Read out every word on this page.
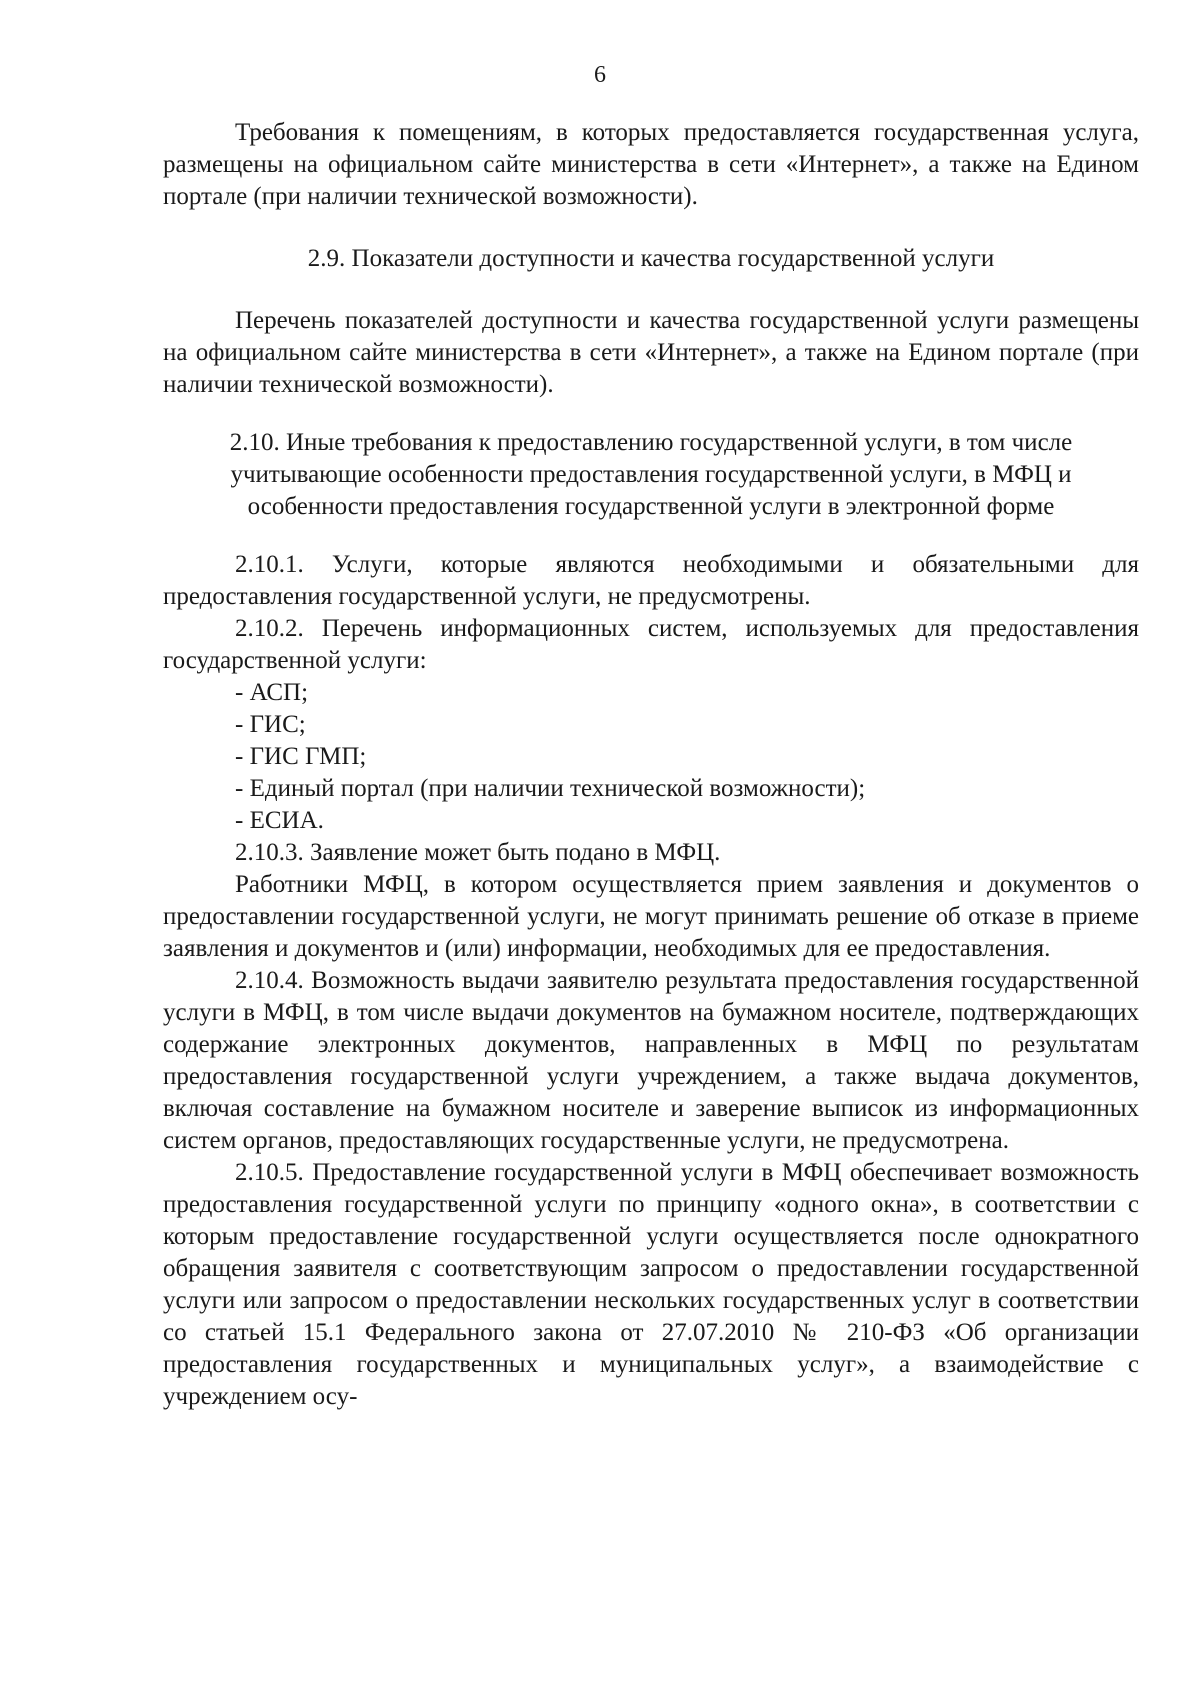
6

Требования к помещениям, в которых предоставляется государственная услуга, размещены на официальном сайте министерства в сети «Интернет», а также на Едином портале (при наличии технической возможности).

2.9. Показатели доступности и качества государственной услуги

Перечень показателей доступности и качества государственной услуги размещены на официальном сайте министерства в сети «Интернет», а также на Едином портале (при наличии технической возможности).

2.10. Иные требования к предоставлению государственной услуги, в том числе учитывающие особенности предоставления государственной услуги, в МФЦ и особенности предоставления государственной услуги в электронной форме

2.10.1. Услуги, которые являются необходимыми и обязательными для предоставления государственной услуги, не предусмотрены.

2.10.2. Перечень информационных систем, используемых для предоставления государственной услуги:

- АСП;

- ГИС;

- ГИС ГМП;

- Единый портал (при наличии технической возможности);

- ЕСИА.

2.10.3. Заявление может быть подано в МФЦ.

Работники МФЦ, в котором осуществляется прием заявления и документов о предоставлении государственной услуги, не могут принимать решение об отказе в приеме заявления и документов и (или) информации, необходимых для ее предоставления.

2.10.4. Возможность выдачи заявителю результата предоставления государственной услуги в МФЦ, в том числе выдачи документов на бумажном носителе, подтверждающих содержание электронных документов, направленных в МФЦ по результатам предоставления государственной услуги учреждением, а также выдача документов, включая составление на бумажном носителе и заверение выписок из информационных систем органов, предоставляющих государственные услуги, не предусмотрена.

2.10.5. Предоставление государственной услуги в МФЦ обеспечивает возможность предоставления государственной услуги по принципу «одного окна», в соответствии с которым предоставление государственной услуги осуществляется после однократного обращения заявителя с соответствующим запросом о предоставлении государственной услуги или запросом о предоставлении нескольких государственных услуг в соответствии со статьей 15.1 Федерального закона от 27.07.2010 № 210-ФЗ «Об организации предоставления государственных и муниципальных услуг», а взаимодействие с учреждением осу-
